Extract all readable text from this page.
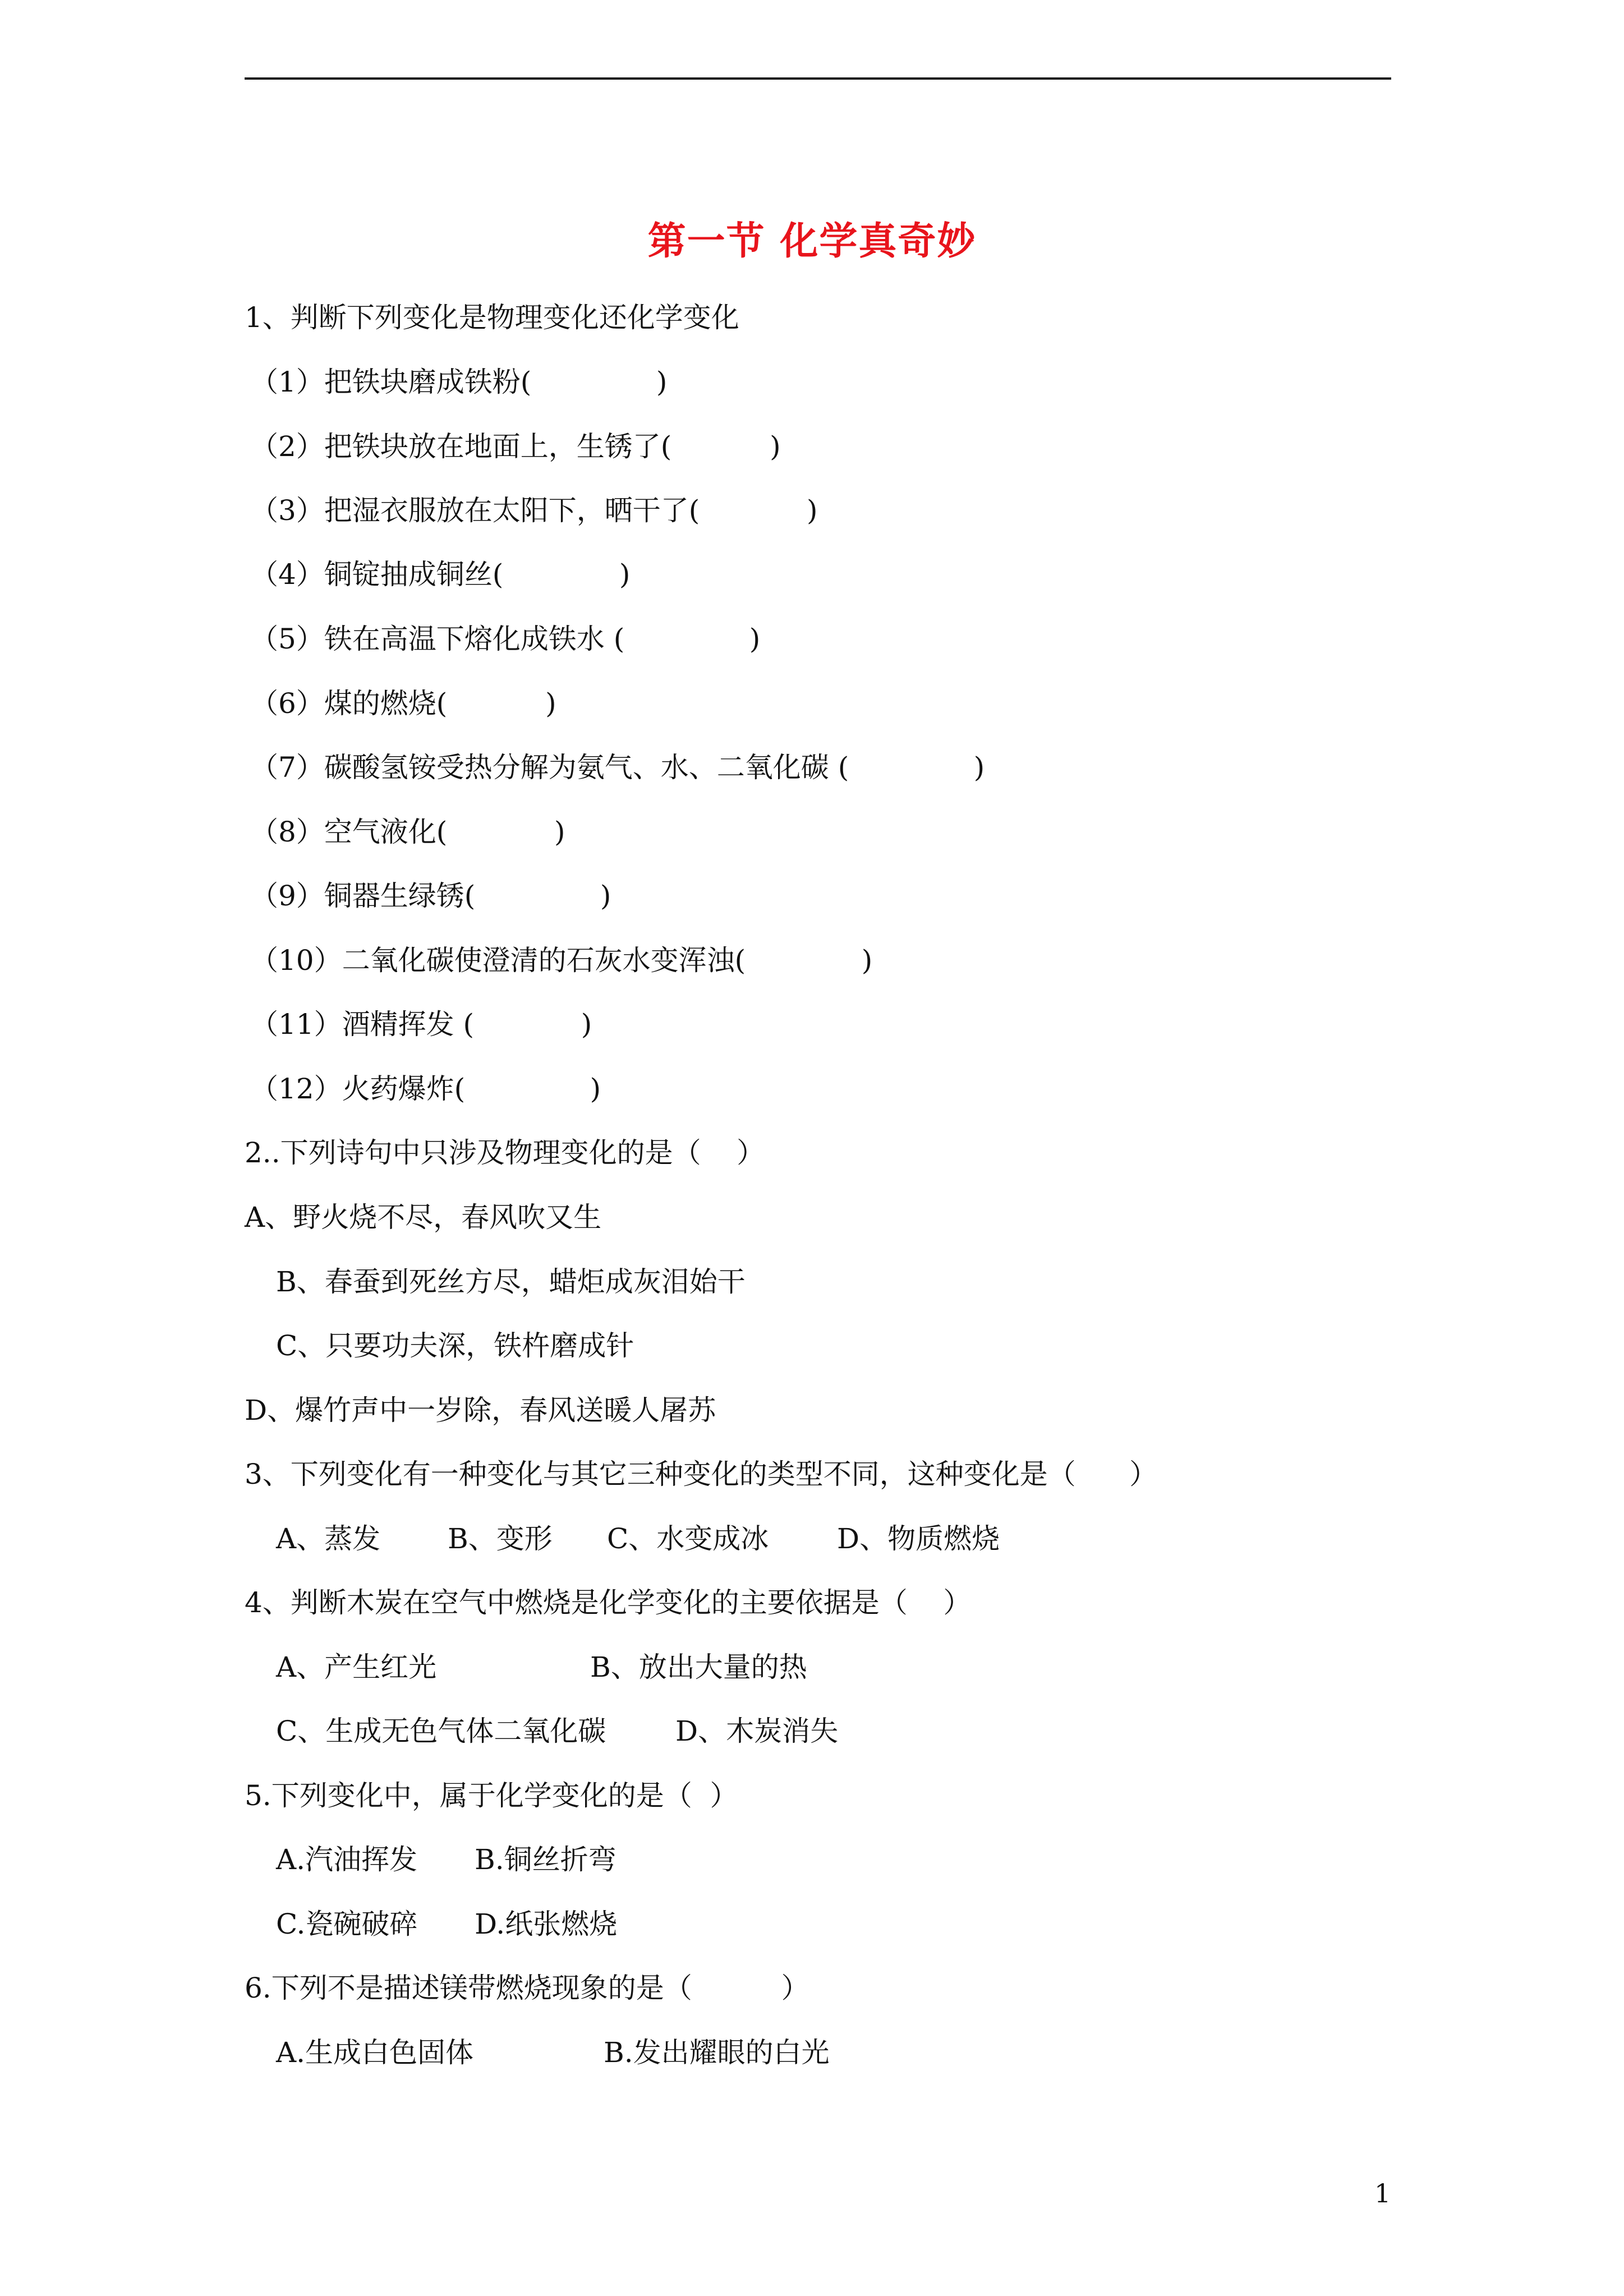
第一节 化学真奇妙
1、判断下列变化是物理变化还化学变化
（1）把铁块磨成铁粉(              )
（2）把铁块放在地面上，生锈了(           )
（3）把湿衣服放在太阳下，晒干了(            )
（4）铜锭抽成铜丝(             )
（5）铁在高温下熔化成铁水 (              )
（6）煤的燃烧(           )
（7）碳酸氢铵受热分解为氨气、水、二氧化碳 (              )
（8）空气液化(            )
（9）铜器生绿锈(              )
（10）二氧化碳使澄清的石灰水变浑浊(             )
（11）酒精挥发 (            )
（12）火药爆炸(              )
2..下列诗句中只涉及物理变化的是（    ）
A、野火烧不尽，春风吹又生
B、春蚕到死丝方尽，蜡炬成灰泪始干
C、只要功夫深，铁杵磨成针
D、爆竹声中一岁除，春风送暖人屠苏
3、下列变化有一种变化与其它三种变化的类型不同，这种变化是（      ）

A、蒸发

B、变形

C、水变成冰

D、物质燃烧

4、判断木炭在空气中燃烧是化学变化的主要依据是（    ）

A、产生红光

	B、放出大量的热

C、生成无色气体二氧化碳

D、木炭消失

5.下列变化中，属于化学变化的是（  ）

A.汽油挥发

B.铜丝折弯

C.瓷碗破碎

D.纸张燃烧

6.下列不是描述镁带燃烧现象的是（          ）

A.生成白色固体

	B.发出耀眼的白光

1
